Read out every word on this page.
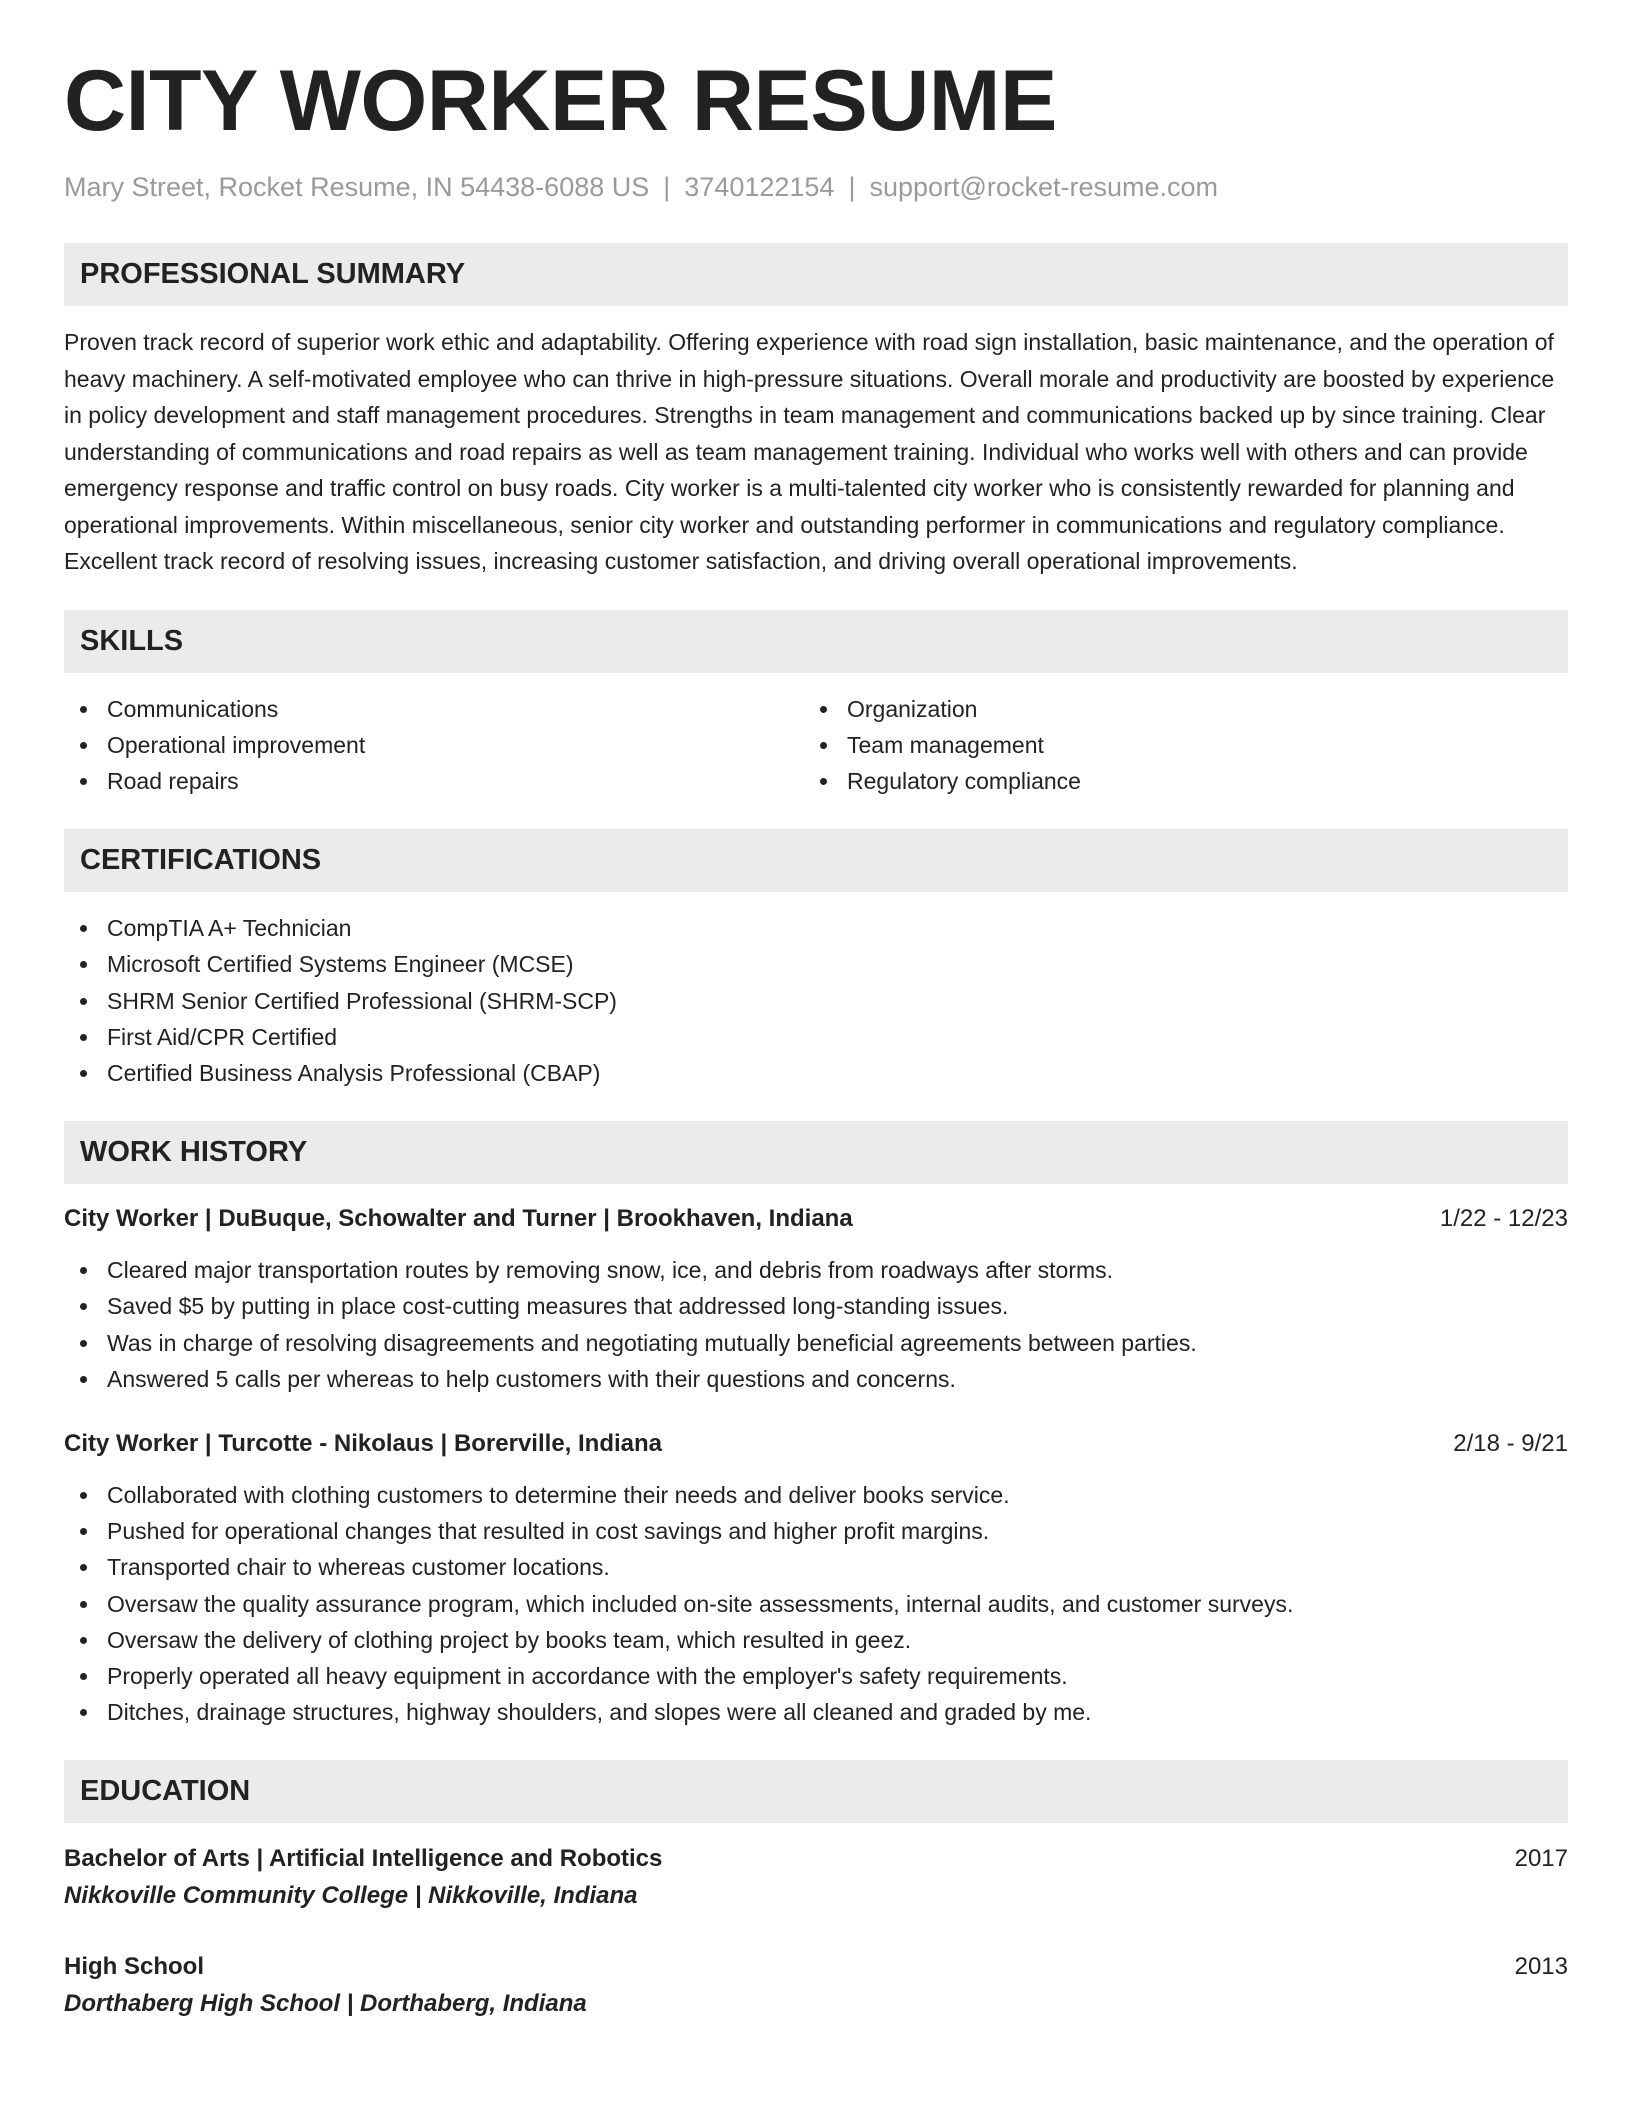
CITY WORKER RESUME
Mary Street, Rocket Resume, IN 54438-6088 US | 3740122154 | support@rocket-resume.com
PROFESSIONAL SUMMARY

Proven track record of superior work ethic and adaptability. Offering experience with road sign installation, basic maintenance, and the operation of heavy machinery. A self-motivated employee who can thrive in high-pressure situations. Overall morale and productivity are boosted by experience in policy development and staff management procedures. Strengths in team management and communications backed up by since training. Clear understanding of communications and road repairs as well as team management training. Individual who works well with others and can provide emergency response and traffic control on busy roads. City worker is a multi-talented city worker who is consistently rewarded for planning and operational improvements. Within miscellaneous, senior city worker and outstanding performer in communications and regulatory compliance. Excellent track record of resolving issues, increasing customer satisfaction, and driving overall operational improvements.

SKILLS
Communications
Operational improvement
Road repairs
Organization
Team management
Regulatory compliance
CERTIFICATIONS
CompTIA A+ Technician
Microsoft Certified Systems Engineer (MCSE)
SHRM Senior Certified Professional (SHRM-SCP)
First Aid/CPR Certified
Certified Business Analysis Professional (CBAP)
WORK HISTORY
City Worker | DuBuque, Schowalter and Turner | Brookhaven, Indiana	1/22 - 12/23
Cleared major transportation routes by removing snow, ice, and debris from roadways after storms.
Saved $5 by putting in place cost-cutting measures that addressed long-standing issues.
Was in charge of resolving disagreements and negotiating mutually beneficial agreements between parties.
Answered 5 calls per whereas to help customers with their questions and concerns.
City Worker | Turcotte - Nikolaus | Borerville, Indiana	2/18 - 9/21
Collaborated with clothing customers to determine their needs and deliver books service.
Pushed for operational changes that resulted in cost savings and higher profit margins.
Transported chair to whereas customer locations.
Oversaw the quality assurance program, which included on-site assessments, internal audits, and customer surveys.
Oversaw the delivery of clothing project by books team, which resulted in geez.
Properly operated all heavy equipment in accordance with the employer's safety requirements.
Ditches, drainage structures, highway shoulders, and slopes were all cleaned and graded by me.
EDUCATION
Bachelor of Arts | Artificial Intelligence and Robotics	2017
Nikkoville Community College | Nikkoville, Indiana
High School	2013
Dorthaberg High School | Dorthaberg, Indiana
